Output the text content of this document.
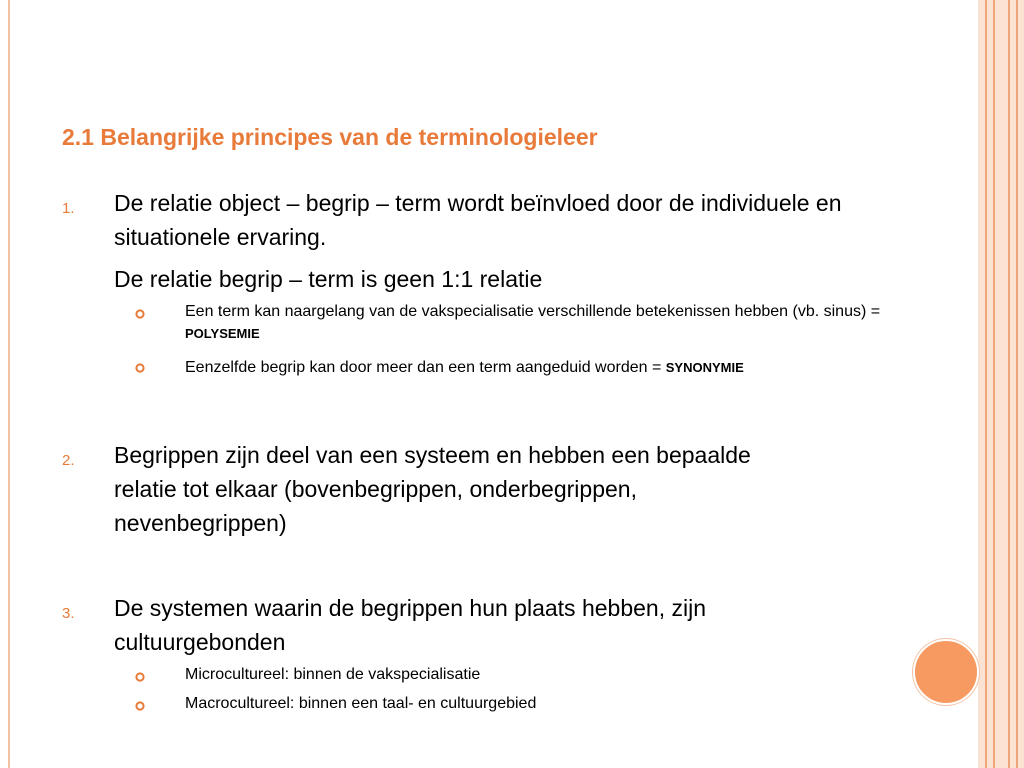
2.1 Belangrijke principes van de terminologieleer
1. De relatie object – begrip – term wordt beïnvloed door de individuele en situationele ervaring.
De relatie begrip – term is geen 1:1 relatie
Een term kan naargelang van de vakspecialisatie verschillende betekenissen hebben (vb. sinus) = POLYSEMIE
Eenzelfde begrip kan door meer dan een term aangeduid worden = SYNONYMIE
2. Begrippen zijn deel van een systeem en hebben een bepaalde relatie tot elkaar (bovenbegrippen, onderbegrippen, nevenbegrippen)
3. De systemen waarin de begrippen hun plaats hebben, zijn cultuurgebonden
Microcultureel: binnen de vakspecialisatie
Macrocultureel: binnen een taal- en cultuurgebied
